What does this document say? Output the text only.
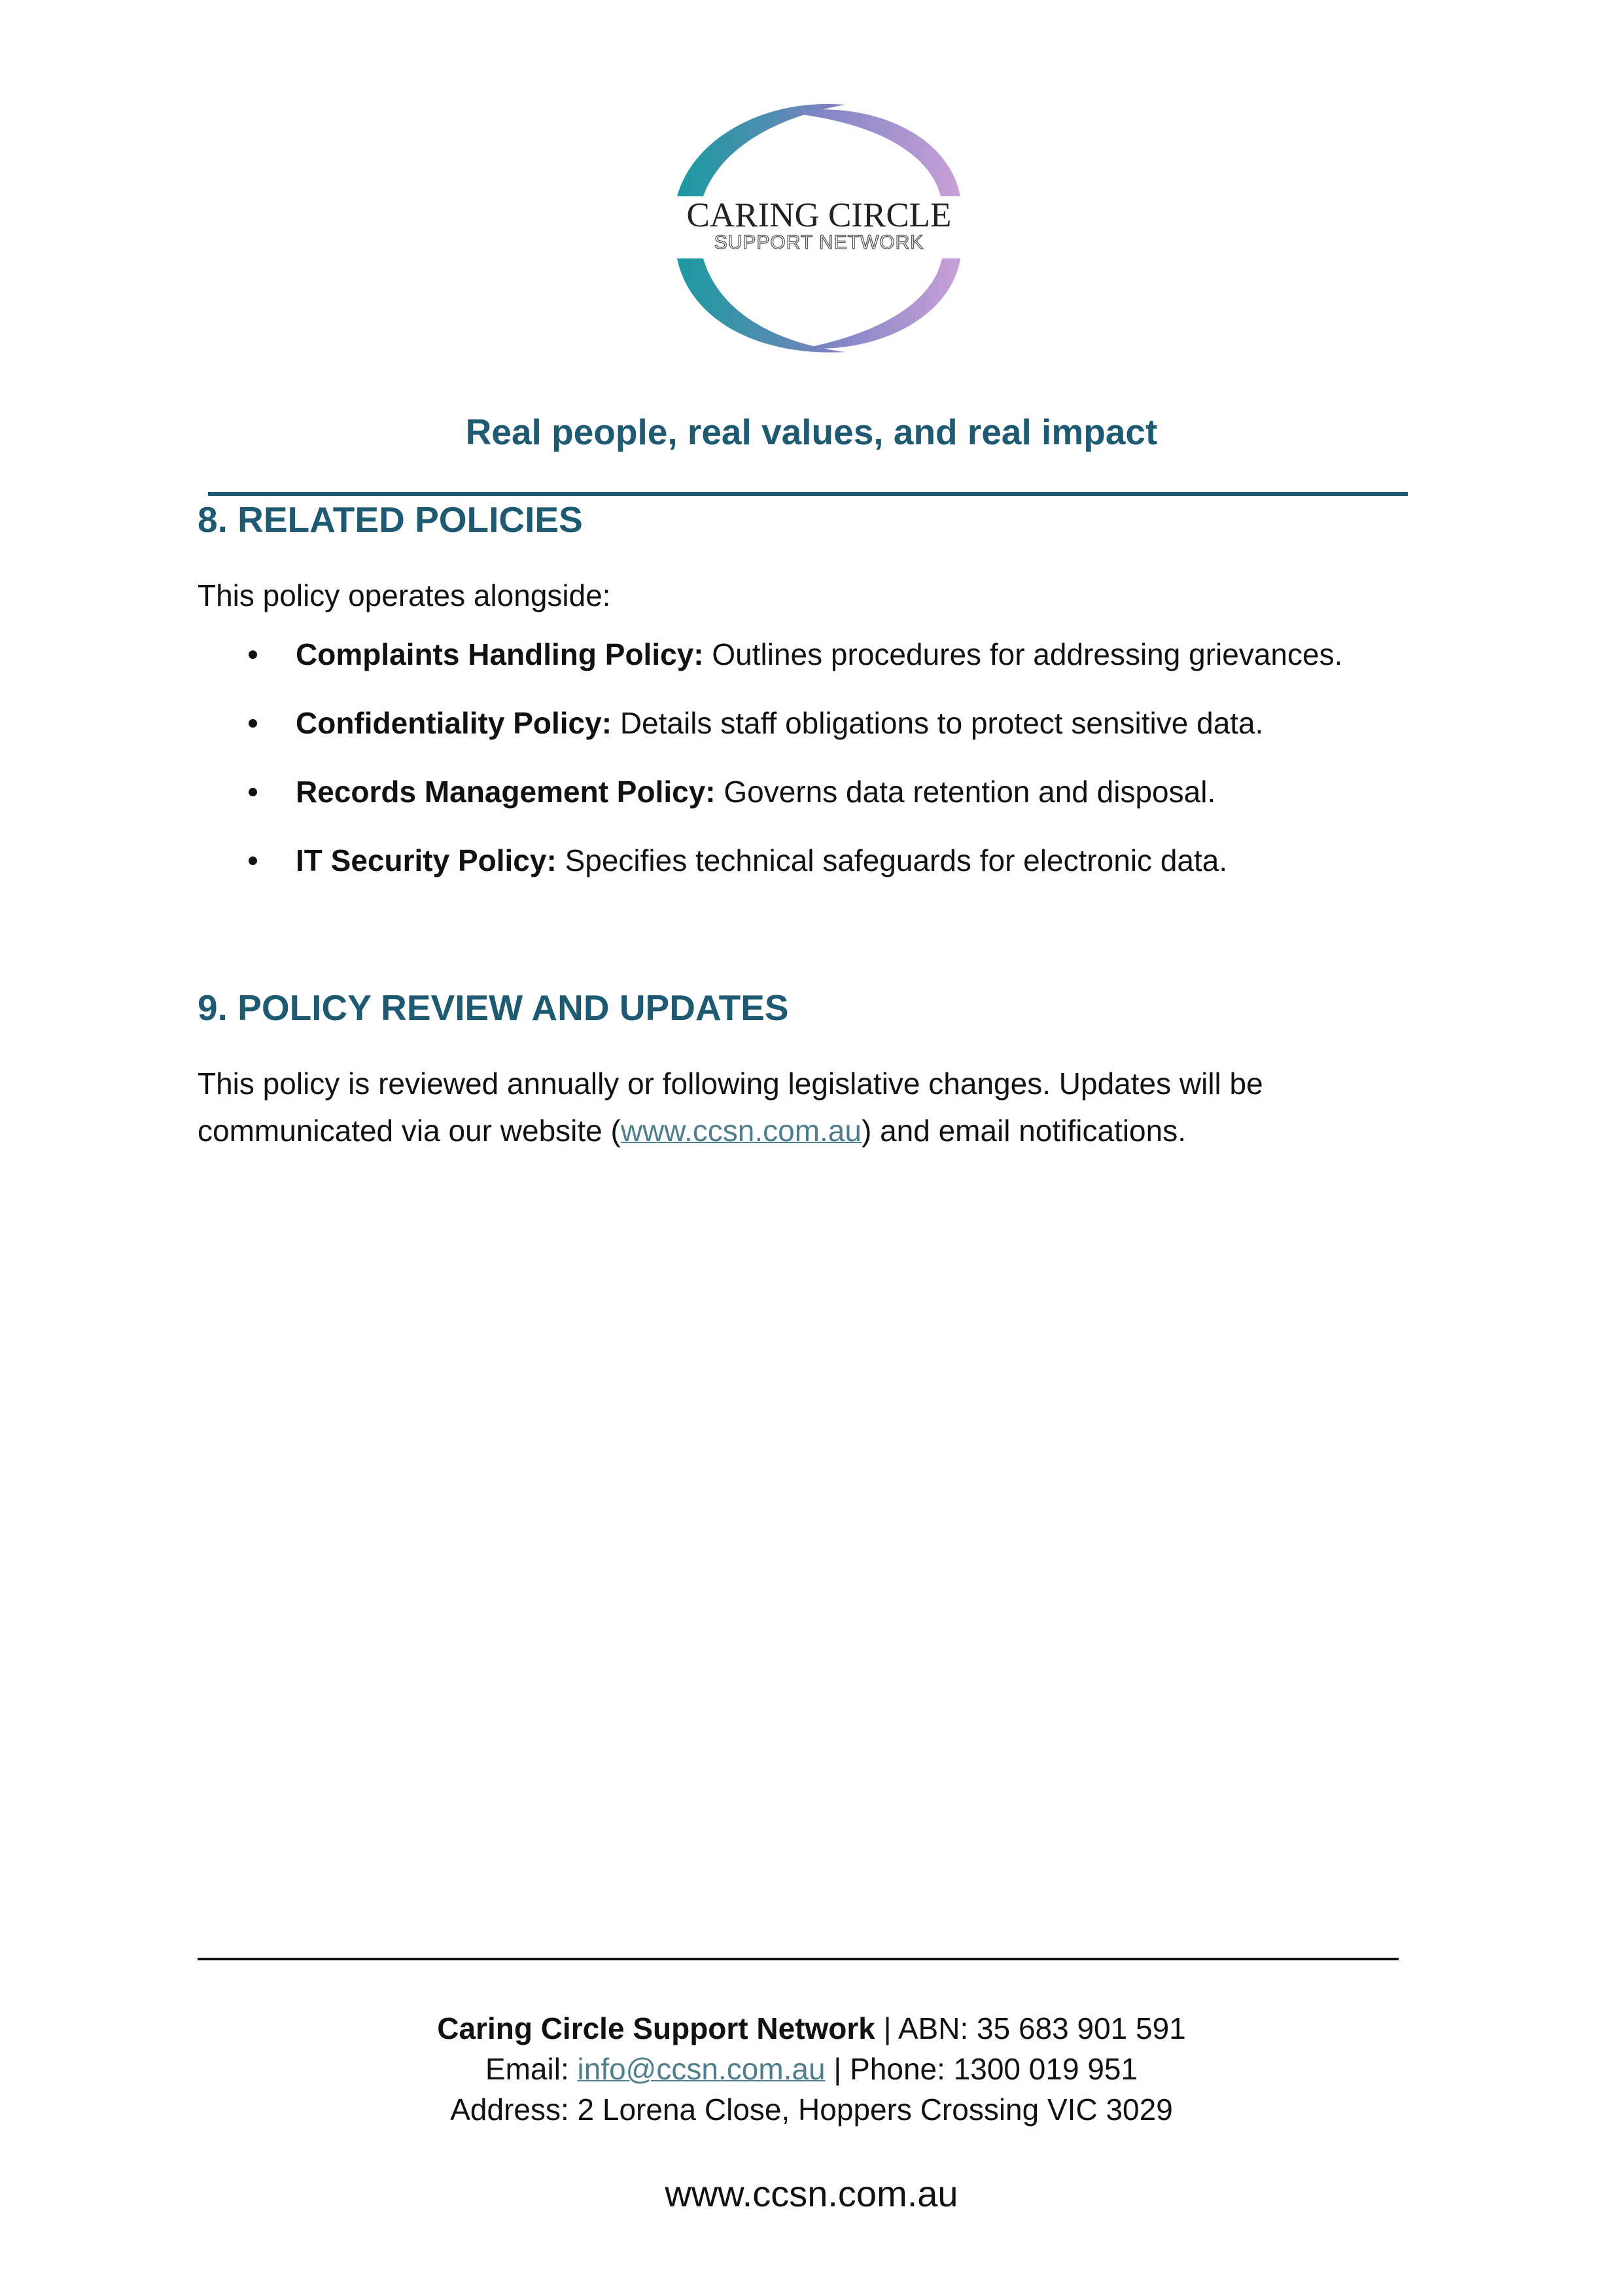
CARING CIRCLE
SUPPORT NETWORK
Real people, real values, and real impact
8. RELATED POLICIES
This policy operates alongside:
Complaints Handling Policy: Outlines procedures for addressing grievances.
Confidentiality Policy: Details staff obligations to protect sensitive data.
Records Management Policy: Governs data retention and disposal.
IT Security Policy: Specifies technical safeguards for electronic data.
9. POLICY REVIEW AND UPDATES
This policy is reviewed annually or following legislative changes. Updates will be
communicated via our website (www.ccsn.com.au) and email notifications.
Caring Circle Support Network | ABN: 35 683 901 591
Email: info@ccsn.com.au | Phone: 1300 019 951
Address: 2 Lorena Close, Hoppers Crossing VIC 3029
www.ccsn.com.au
